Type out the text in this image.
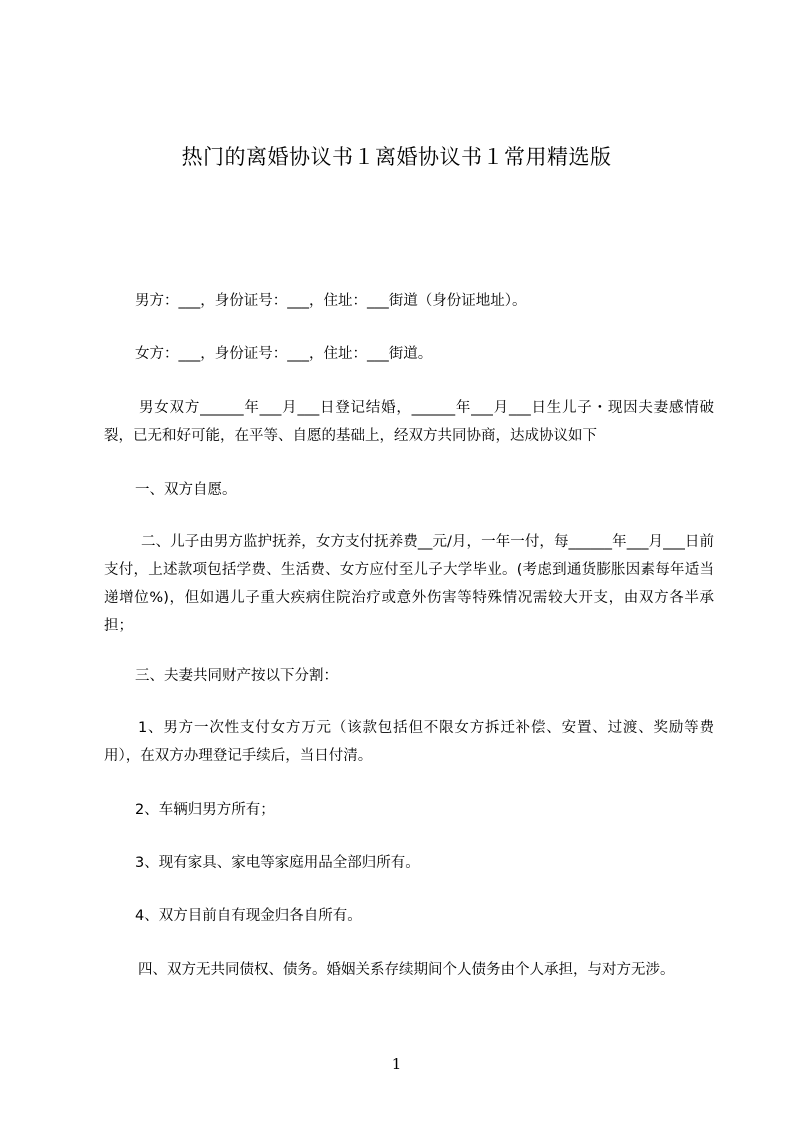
热门的离婚协议书１离婚协议书１常用精选版

男方：___，身份证号：___，住址：___街道（身份证地址）。

女方：___，身份证号：___，住址：___街道。

男女双方______年___月___日登记结婚，______年___月___日生儿子・现因夫妻感情破裂，已无和好可能，在平等、自愿的基础上，经双方共同协商，达成协议如下

一、双方自愿。

二、儿子由男方监护抚养，女方支付抚养费__元/月，一年一付，每______年___月___日前支付，上述款项包括学费、生活费、女方应付至儿子大学毕业。(考虑到通货膨胀因素每年适当递增位%)，但如遇儿子重大疾病住院治疗或意外伤害等特殊情况需较大开支，由双方各半承担；

三、夫妻共同财产按以下分割：

1、男方一次性支付女方万元（该款包括但不限女方拆迁补偿、安置、过渡、奖励等费用），在双方办理登记手续后，当日付清。

2、车辆归男方所有；

3、现有家具、家电等家庭用品全部归所有。

4、双方目前自有现金归各自所有。

四、双方无共同债权、债务。婚姻关系存续期间个人债务由个人承担，与对方无涉。

1
